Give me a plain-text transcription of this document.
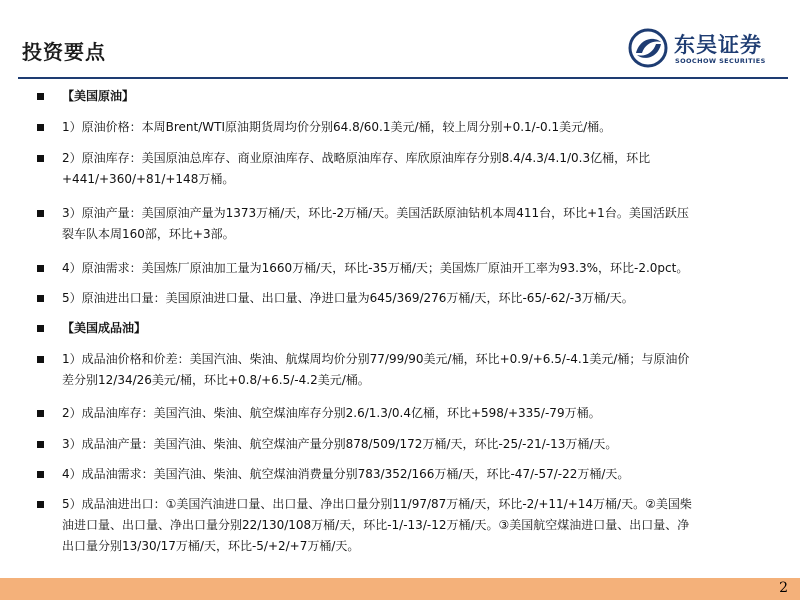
投资要点	东吴证券
SOOCHOW SECURITIES
【美国原油】
1）原油价格：本周Brent/WTI原油期货周均价分别64.8/60.1美元/桶，较上周分别+0.1/-0.1美元/桶。
2）原油库存：美国原油总库存、商业原油库存、战略原油库存、库欣原油库存分别8.4/4.3/4.1/0.3亿桶，环比
+441/+360/+81/+148万桶。
3）原油产量：美国原油产量为1373万桶/天，环比-2万桶/天。美国活跃原油钻机本周411台，环比+1台。美国活跃压
裂车队本周160部，环比+3部。
4）原油需求：美国炼厂原油加工量为1660万桶/天，环比-35万桶/天；美国炼厂原油开工率为93.3%，环比-2.0pct。
5）原油进出口量：美国原油进口量、出口量、净进口量为645/369/276万桶/天，环比-65/-62/-3万桶/天。
【美国成品油】
1）成品油价格和价差：美国汽油、柴油、航煤周均价分别77/99/90美元/桶，环比+0.9/+6.5/-4.1美元/桶；与原油价
差分别12/34/26美元/桶，环比+0.8/+6.5/-4.2美元/桶。
2）成品油库存：美国汽油、柴油、航空煤油库存分别2.6/1.3/0.4亿桶，环比+598/+335/-79万桶。
3）成品油产量：美国汽油、柴油、航空煤油产量分别878/509/172万桶/天，环比-25/-21/-13万桶/天。
4）成品油需求：美国汽油、柴油、航空煤油消费量分别783/352/166万桶/天，环比-47/-57/-22万桶/天。
5）成品油进出口：①美国汽油进口量、出口量、净出口量分别11/97/87万桶/天，环比-2/+11/+14万桶/天。②美国柴
油进口量、出口量、净出口量分别22/130/108万桶/天，环比-1/-13/-12万桶/天。③美国航空煤油进口量、出口量、净
出口量分别13/30/17万桶/天，环比-5/+2/+7万桶/天。
2
